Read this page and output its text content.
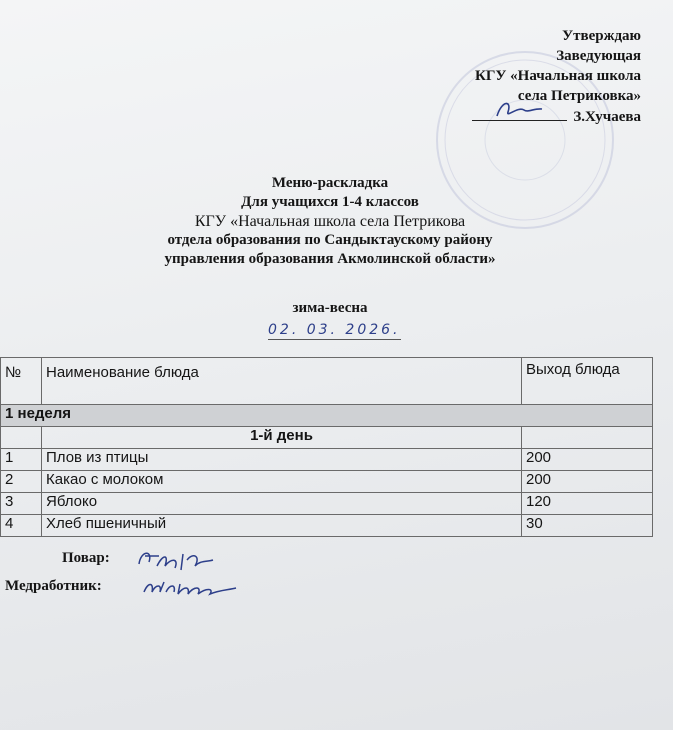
Утверждаю
Заведующая
КГУ «Начальная школа
села Петриковка»
З.Хучаева
Меню-раскладка
Для учащихся 1-4 классов
КГУ «Начальная школа села Петрикова
отдела образования по Сандыктаускому району
управления образования Акмолинской области»
зима-весна
02. 03. 2026.
№	Наименование блюда	Выход блюда
1 неделя		
	1-й день	
1	Плов из птицы	200
2	Какао с молоком	200
3	Яблоко	120
4	Хлеб пшеничный	30
Повар:
Медработник:
